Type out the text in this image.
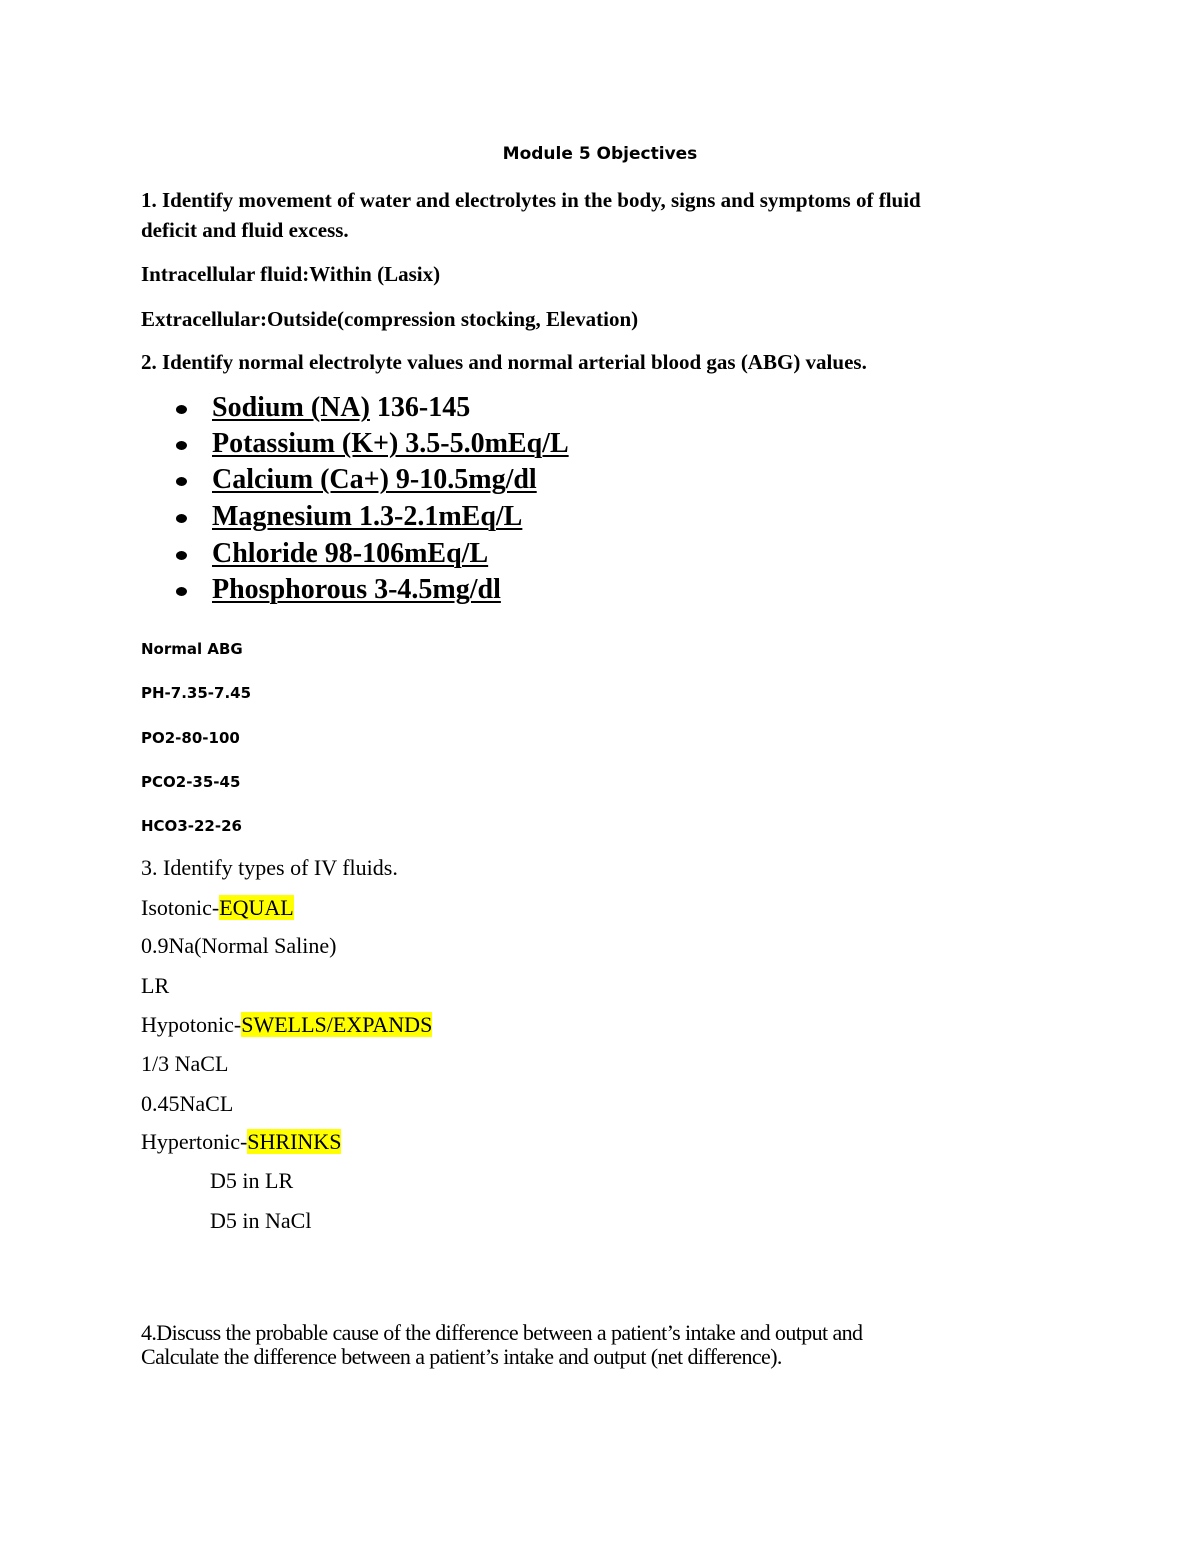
Module 5 Objectives
1. Identify movement of water and electrolytes in the body, signs and symptoms of fluid
deficit and fluid excess.
Intracellular fluid:Within (Lasix)
Extracellular:Outside(compression stocking, Elevation)
2. Identify normal electrolyte values and normal arterial blood gas (ABG) values.
Sodium (NA) 136-145
Potassium (K+) 3.5-5.0mEq/L
Calcium (Ca+) 9-10.5mg/dl
Magnesium 1.3-2.1mEq/L
Chloride 98-106mEq/L
Phosphorous 3-4.5mg/dl
Normal ABG
PH-7.35-7.45
PO2-80-100
PCO2-35-45
HCO3-22-26
3. Identify types of IV fluids.
Isotonic-EQUAL
0.9Na(Normal Saline)
LR
Hypotonic-SWELLS/EXPANDS
1/3 NaCL
0.45NaCL
Hypertonic-SHRINKS
D5 in LR
D5 in NaCl
4.Discuss the probable cause of the difference between a patient’s intake and output and
Calculate the difference between a patient’s intake and output (net difference).
